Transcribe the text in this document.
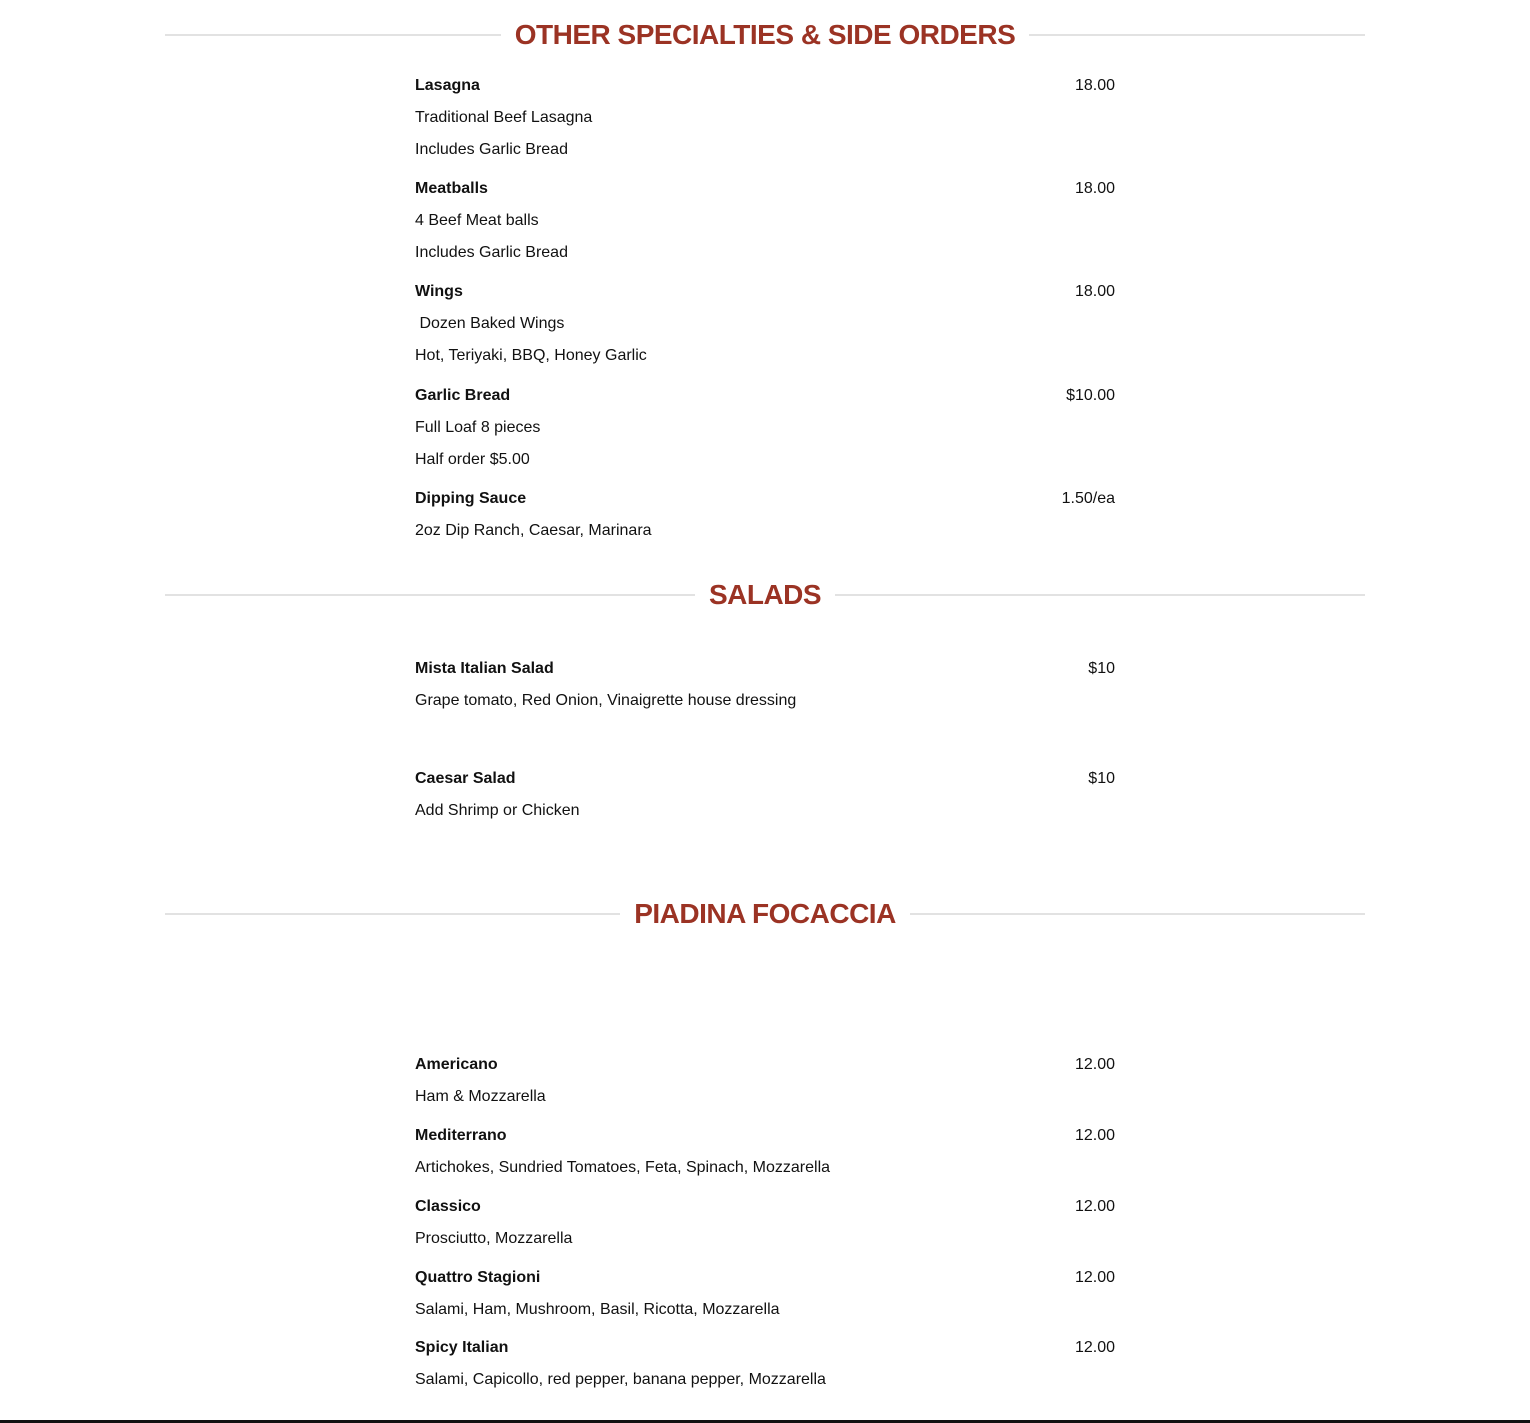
OTHER SPECIALTIES & SIDE ORDERS
Lasagna	18.00
Traditional Beef Lasagna
Includes Garlic Bread
Meatballs	18.00
4 Beef Meat balls
Includes Garlic Bread
Wings	18.00
Dozen Baked Wings
Hot, Teriyaki, BBQ, Honey Garlic
Garlic Bread	$10.00
Full Loaf 8 pieces
Half order $5.00
Dipping Sauce	1.50/ea
2oz Dip Ranch, Caesar, Marinara
SALADS
Mista Italian Salad	$10
Grape tomato, Red Onion, Vinaigrette house dressing
Caesar Salad	$10
Add Shrimp or Chicken
PIADINA FOCACCIA
Americano	12.00
Ham & Mozzarella
Mediterrano	12.00
Artichokes, Sundried Tomatoes, Feta, Spinach, Mozzarella
Classico	12.00
Prosciutto, Mozzarella
Quattro Stagioni	12.00
Salami, Ham, Mushroom, Basil, Ricotta, Mozzarella
Spicy Italian	12.00
Salami, Capicollo, red pepper, banana pepper, Mozzarella
